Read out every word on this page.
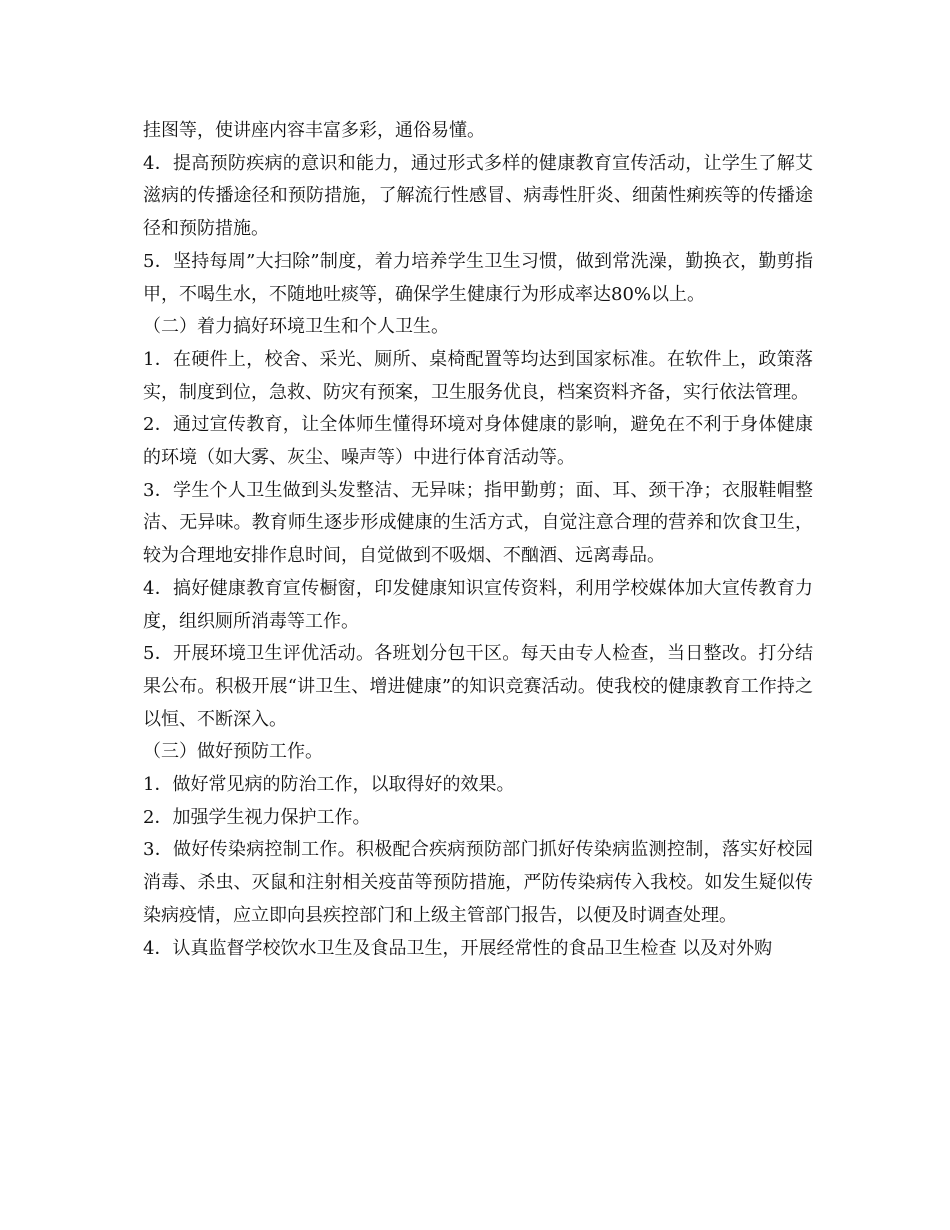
挂图等，使讲座内容丰富多彩，通俗易懂。

4．提高预防疾病的意识和能力，通过形式多样的健康教育宣传活动，让学生了解艾滋病的传播途径和预防措施，了解流行性感冒、病毒性肝炎、细菌性痢疾等的传播途径和预防措施。

5．坚持每周”大扫除”制度，着力培养学生卫生习惯，做到常洗澡，勤换衣，勤剪指甲，不喝生水，不随地吐痰等，确保学生健康行为形成率达80%以上。

（二）着力搞好环境卫生和个人卫生。

1．在硬件上，校舍、采光、厕所、桌椅配置等均达到国家标准。在软件上，政策落实，制度到位，急救、防灾有预案，卫生服务优良，档案资料齐备，实行依法管理。

2．通过宣传教育，让全体师生懂得环境对身体健康的影响，避免在不利于身体健康的环境（如大雾、灰尘、噪声等）中进行体育活动等。

3．学生个人卫生做到头发整洁、无异味；指甲勤剪；面、耳、颈干净；衣服鞋帽整洁、无异味。教育师生逐步形成健康的生活方式，自觉注意合理的营养和饮食卫生，较为合理地安排作息时间，自觉做到不吸烟、不酗酒、远离毒品。

4．搞好健康教育宣传橱窗，印发健康知识宣传资料，利用学校媒体加大宣传教育力度，组织厕所消毒等工作。

5．开展环境卫生评优活动。各班划分包干区。每天由专人检查，当日整改。打分结果公布。积极开展“讲卫生、增进健康”的知识竞赛活动。使我校的健康教育工作持之以恒、不断深入。

（三）做好预防工作。

1．做好常见病的防治工作，以取得好的效果。

2．加强学生视力保护工作。

3．做好传染病控制工作。积极配合疾病预防部门抓好传染病监测控制，落实好校园消毒、杀虫、灭鼠和注射相关疫苗等预防措施，严防传染病传入我校。如发生疑似传染病疫情，应立即向县疾控部门和上级主管部门报告，以便及时调查处理。

4．认真监督学校饮水卫生及食品卫生，开展经常性的食品卫生检查 以及对外购
